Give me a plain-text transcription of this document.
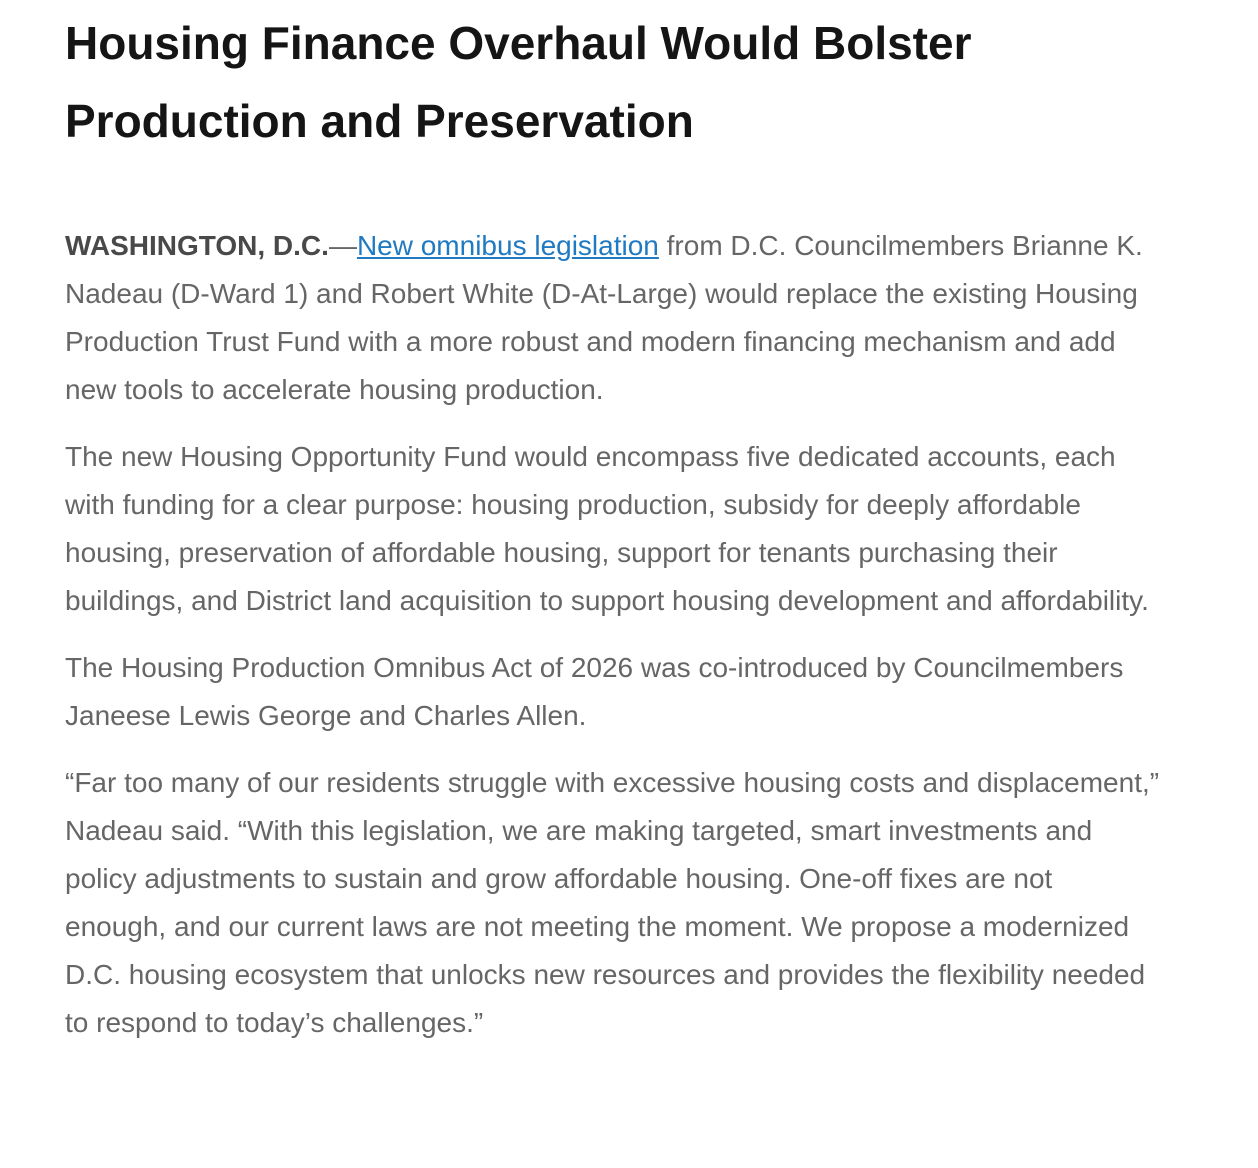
Housing Finance Overhaul Would Bolster Production and Preservation

WASHINGTON, D.C.—New omnibus legislation from D.C. Councilmembers Brianne K. Nadeau (D-Ward 1) and Robert White (D-At-Large) would replace the existing Housing Production Trust Fund with a more robust and modern financing mechanism and add new tools to accelerate housing production.

The new Housing Opportunity Fund would encompass five dedicated accounts, each with funding for a clear purpose: housing production, subsidy for deeply affordable housing, preservation of affordable housing, support for tenants purchasing their buildings, and District land acquisition to support housing development and affordability.

The Housing Production Omnibus Act of 2026 was co-introduced by Councilmembers Janeese Lewis George and Charles Allen.

“Far too many of our residents struggle with excessive housing costs and displacement,” Nadeau said. “With this legislation, we are making targeted, smart investments and policy adjustments to sustain and grow affordable housing. One-off fixes are not enough, and our current laws are not meeting the moment. We propose a modernized D.C. housing ecosystem that unlocks new resources and provides the flexibility needed to respond to today’s challenges.”
